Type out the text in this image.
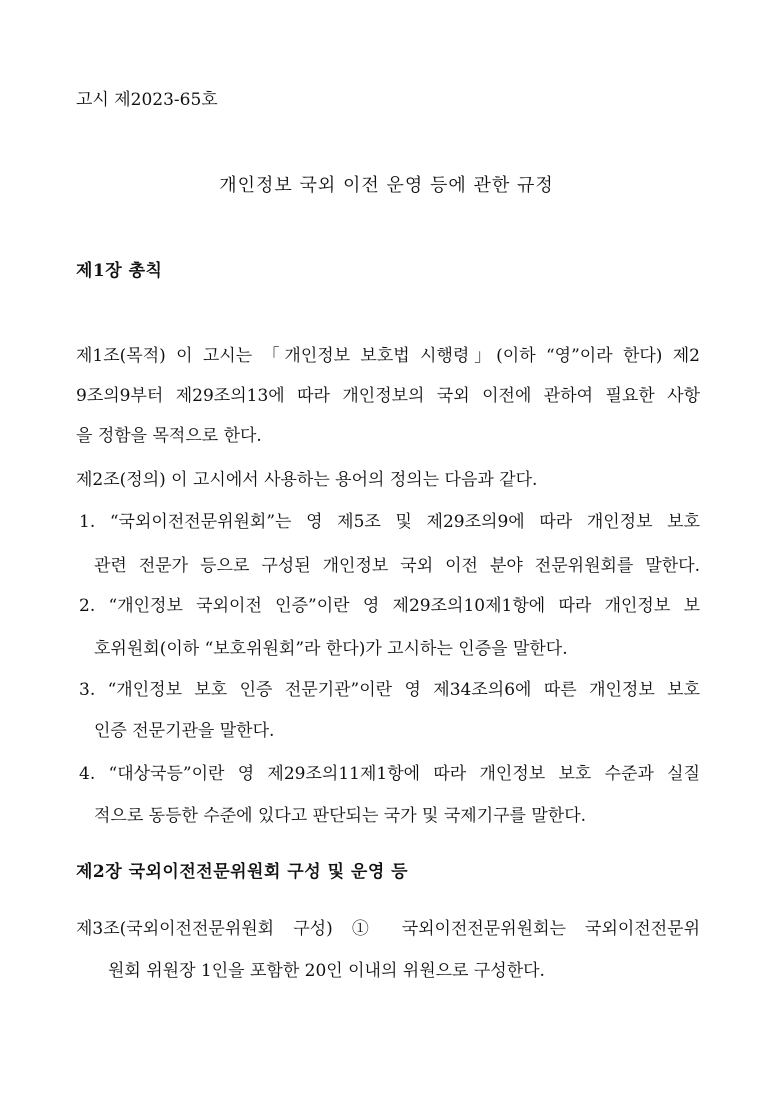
고시 제2023-65호
개인정보 국외 이전 운영 등에 관한 규정
제1장 총칙
제1조(목적) 이 고시는 「개인정보 보호법 시행령」(이하 “영”이라 한다) 제2
9조의9부터 제29조의13에 따라 개인정보의 국외 이전에 관하여 필요한 사항
을 정함을 목적으로 한다.
제2조(정의) 이 고시에서 사용하는 용어의 정의는 다음과 같다.
1. “국외이전전문위원회”는 영 제5조 및 제29조의9에 따라 개인정보 보호
관련 전문가 등으로 구성된 개인정보 국외 이전 분야 전문위원회를 말한다.
2. “개인정보 국외이전 인증”이란 영 제29조의10제1항에 따라 개인정보 보
호위원회(이하 “보호위원회”라 한다)가 고시하는 인증을 말한다.
3. “개인정보 보호 인증 전문기관”이란 영 제34조의6에 따른 개인정보 보호
인증 전문기관을 말한다.
4. “대상국등”이란 영 제29조의11제1항에 따라 개인정보 보호 수준과 실질
적으로 동등한 수준에 있다고 판단되는 국가 및 국제기구를 말한다.
제2장 국외이전전문위원회 구성 및 운영 등
제3조(국외이전전문위원회 구성) ① 국외이전전문위원회는 국외이전전문위
원회 위원장 1인을 포함한 20인 이내의 위원으로 구성한다.
